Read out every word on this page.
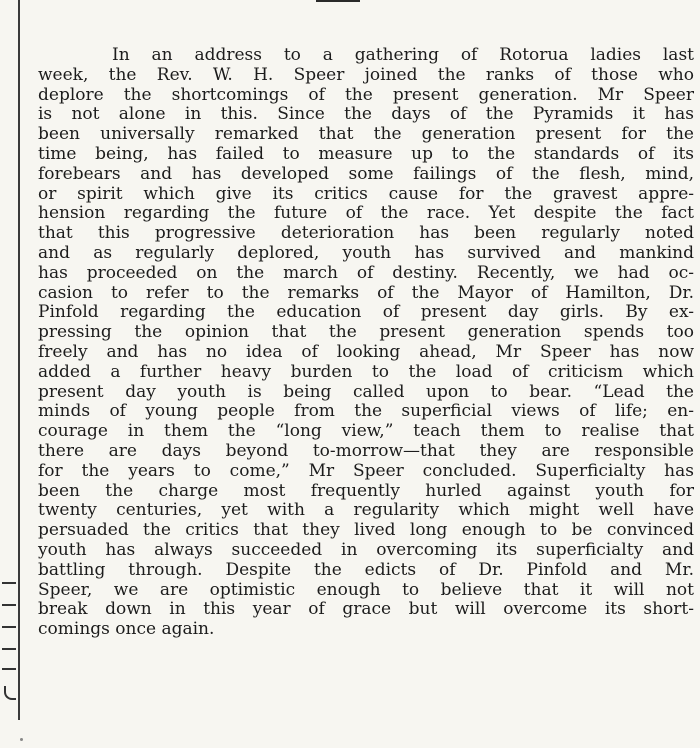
In an address to a gathering of Rotorua ladies last
week, the Rev. W. H. Speer joined the ranks of those who
deplore the shortcomings of the present generation. Mr Speer
is not alone in this. Since the days of the Pyramids it has
been universally remarked that the generation present for the
time being, has failed to measure up to the standards of its
forebears and has developed some failings of the flesh, mind,
or spirit which give its critics cause for the gravest appre-
hension regarding the future of the race. Yet despite the fact
that this progressive deterioration has been regularly noted
and as regularly deplored, youth has survived and mankind
has proceeded on the march of destiny. Recently, we had oc-
casion to refer to the remarks of the Mayor of Hamilton, Dr.
Pinfold regarding the education of present day girls. By ex-
pressing the opinion that the present generation spends too
freely and has no idea of looking ahead, Mr Speer has now
added a further heavy burden to the load of criticism which
present day youth is being called upon to bear. “Lead the
minds of young people from the superficial views of life; en-
courage in them the “long view,” teach them to realise that
there are days beyond to-morrow—that they are responsible
for the years to come,” Mr Speer concluded. Superficialty has
been the charge most frequently hurled against youth for
twenty centuries, yet with a regularity which might well have
persuaded the critics that they lived long enough to be convinced
youth has always succeeded in overcoming its superficialty and
battling through. Despite the edicts of Dr. Pinfold and Mr.
Speer, we are optimistic enough to believe that it will not
break down in this year of grace but will overcome its short-
comings once again.
